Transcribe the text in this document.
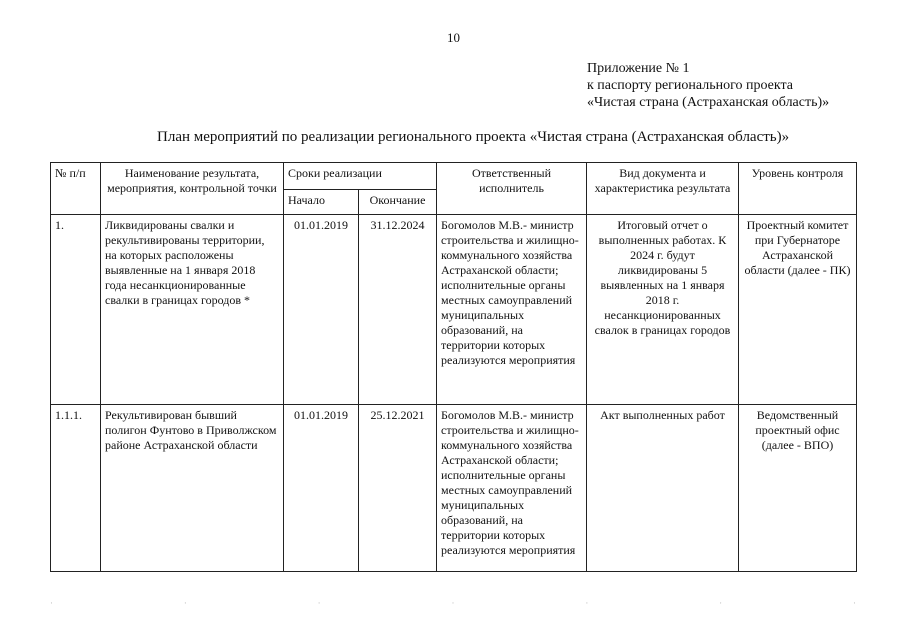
10
Приложение № 1
к паспорту регионального проекта
«Чистая страна (Астраханская область)»
План мероприятий по реализации регионального проекта «Чистая страна (Астраханская область)»
№ п/п	Наименование результата, мероприятия, контрольной точки	Сроки реализации		Ответственный исполнитель	Вид документа и характеристика результата	Уровень контроля
		Начало	Окончание			
1.	Ликвидированы свалки и рекультивированы территории, на которых расположены выявленные на 1 января 2018 года несанкционированные свалки в границах городов *	01.01.2019	31.12.2024	Богомолов М.В.- министр строительства и жилищно-коммунального хозяйства Астраханской области; исполнительные органы местных самоуправлений муниципальных образований, на территории которых реализуются мероприятия	Итоговый отчет о выполненных работах. К 2024 г. будут ликвидированы 5 выявленных на 1 января 2018 г. несанкционированных свалок в границах городов	Проектный комитет при Губернаторе Астраханской области (далее - ПК)
1.1.1.	Рекультивирован бывший полигон Фунтово в Приволжском районе Астраханской области	01.01.2019	25.12.2021	Богомолов М.В.- министр строительства и жилищно-коммунального хозяйства Астраханской области; исполнительные органы местных самоуправлений муниципальных образований, на территории которых реализуются мероприятия	Акт выполненных работ	Ведомственный проектный офис (далее - ВПО)
·	·	·	·	·	·	·
